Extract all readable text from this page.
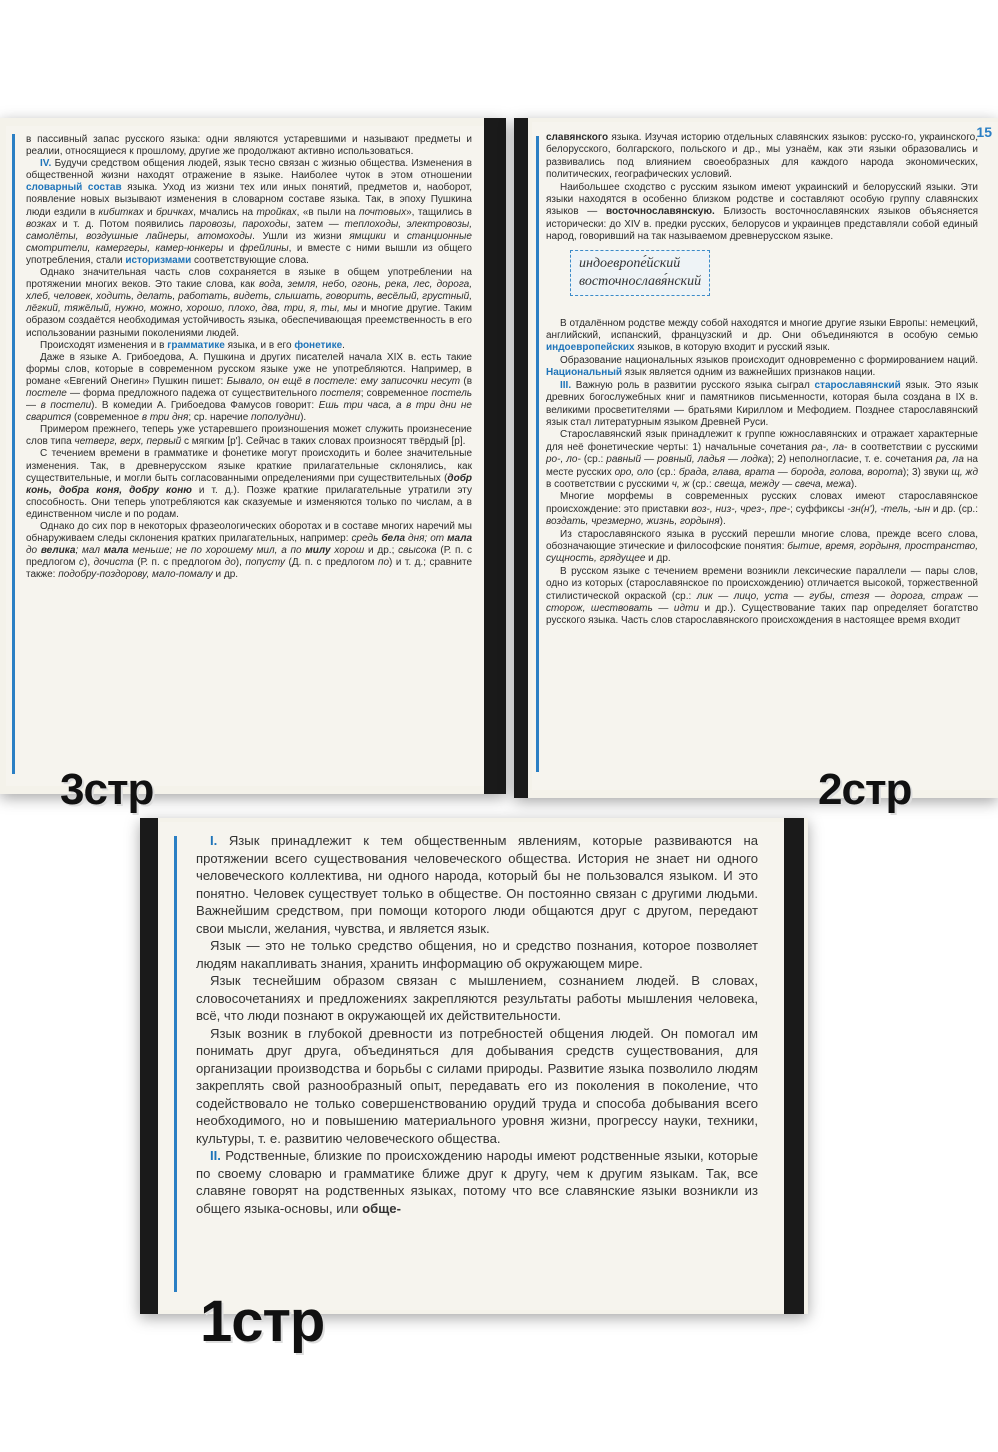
в пассивный запас русского языка: одни являются устаревшими и называют предметы и реалии, относящиеся к прошлому, другие же продолжают активно использоваться.

IV. Будучи средством общения людей, язык тесно связан с жизнью общества. Изменения в общественной жизни находят отражение в языке. Наиболее чуток в этом отношении словарный состав языка. Уход из жизни тех или иных понятий, предметов и, наоборот, появление новых вызывают изменения в словарном составе языка. Так, в эпоху Пушкина люди ездили в кибитках и бричках, мчались на тройках, «в пыли на почтовых», тащились в возках и т. д. Потом появились паровозы, пароходы, затем — теплоходы, электровозы, самолёты, воздушные лайнеры, атомоходы. Ушли из жизни ямщики и станционные смотрители, камергеры, камер-юнкеры и фрейлины, и вместе с ними вышли из общего употребления, стали историзмами соответствующие слова.

Однако значительная часть слов сохраняется в языке в общем употреблении на протяжении многих веков. Это такие слова, как вода, земля, небо, огонь, река, лес, дорога, хлеб, человек, ходить, делать, работать, видеть, слышать, говорить, весёлый, грустный, лёгкий, тяжёлый, нужно, можно, хорошо, плохо, два, три, я, ты, мы и многие другие. Таким образом создаётся необходимая устойчивость языка, обеспечивающая преемственность в его использовании разными поколениями людей.

Происходят изменения и в грамматике языка, и в его фонетике.

Даже в языке А. Грибоедова, А. Пушкина и других писателей начала XIX в. есть такие формы слов, которые в современном русском языке уже не употребляются. Например, в романе «Евгений Онегин» Пушкин пишет: Бывало, он ещё в постеле: ему записочки несут (в постеле — форма предложного падежа от существительного постеля; современное постель — в постели). В комедии А. Грибоедова Фамусов говорит: Ешь три часа, а в три дни не сварится (современное в три дня; ср. наречие пополудни).

Примером прежнего, теперь уже устаревшего произношения может служить произнесение слов типа четверг, верх, первый с мягким [р']. Сейчас в таких словах произносят твёрдый [р].

С течением времени в грамматике и фонетике могут происходить и более значительные изменения. Так, в древнерусском языке краткие прилагательные склонялись, как существительные, и могли быть согласованными определениями при существительных (добр конь, добра коня, добру коню и т. д.). Позже краткие прилагательные утратили эту способность. Они теперь употребляются как сказуемые и изменяются только по числам, а в единственном числе и по родам.

Однако до сих пор в некоторых фразеологических оборотах и в составе многих наречий мы обнаруживаем следы склонения кратких прилагательных, например: средь бела дня; от мала до велика; мал мала меньше; не по хорошему мил, а по милу хорош и др.; свысока (Р. п. с предлогом с), дочиста (Р. п. с предлогом до), попусту (Д. п. с предлогом по) и т. д.; сравните также: подобру-поздорову, мало-помалу и др.

15

славянского языка. Изучая историю отдельных славянских языков: русско-го, украинского, белорусского, болгарского, польского и др., мы узнаём, как эти языки образовались и развивались под влиянием своеобразных для каждого народа экономических, политических, географических условий.

Наибольшее сходство с русским языком имеют украинский и белорусский языки. Эти языки находятся в особенно близком родстве и составляют особую группу славянских языков — восточнославянскую. Близость восточнославянских языков объясняется исторически: до XIV в. предки русских, белорусов и украинцев представляли собой единый народ, говоривший на так называемом древнерусском языке.

индоевропе́йский
восточнославя́нский

В отдалённом родстве между собой находятся и многие другие языки Европы: немецкий, английский, испанский, французский и др. Они объединяются в особую семью индоевропейских языков, в которую входит и русский язык.

Образование национальных языков происходит одновременно с формированием наций. Национальный язык является одним из важнейших признаков нации.

III. Важную роль в развитии русского языка сыграл старославянский язык. Это язык древних богослужебных книг и памятников письменности, которая была создана в IX в. великими просветителями — братьями Кириллом и Мефодием. Позднее старославянский язык стал литературным языком Древней Руси.

Старославянский язык принадлежит к группе южнославянских и отражает характерные для неё фонетические черты: 1) начальные сочетания ра-, ла- в соответствии с русскими ро-, ло- (ср.: равный — ровный, ладья — лодка); 2) неполногласие, т. е. сочетания ра, ла на месте русских оро, оло (ср.: брада, глава, врата — борода, голова, ворота); 3) звуки щ, жд в соответствии с русскими ч, ж (ср.: свеща, между — свеча, межа).

Многие морфемы в современных русских словах имеют старославянское происхождение: это приставки воз-, низ-, чрез-, пре-; суффиксы -зн(н'), -тель, -ын и др. (ср.: воздать, чрезмерно, жизнь, гордыня).

Из старославянского языка в русский перешли многие слова, прежде всего слова, обозначающие этические и философские понятия: бытие, время, гордыня, пространство, сущность, грядущее и др.

В русском языке с течением времени возникли лексические параллели — пары слов, одно из которых (старославянское по происхождению) отличается высокой, торжественной стилистической окраской (ср.: лик — лицо, уста — губы, стезя — дорога, страж — сторож, шествовать — идти и др.). Существование таких пар определяет богатство русского языка. Часть слов старославянского происхождения в настоящее время входит

I. Язык принадлежит к тем общественным явлениям, которые развиваются на протяжении всего существования человеческого общества. История не знает ни одного человеческого коллектива, ни одного народа, который бы не пользовался языком. И это понятно. Человек существует только в обществе. Он постоянно связан с другими людьми. Важнейшим средством, при помощи которого люди общаются друг с другом, передают свои мысли, желания, чувства, и является язык.

Язык — это не только средство общения, но и средство познания, которое позволяет людям накапливать знания, хранить информацию об окружающем мире.

Язык теснейшим образом связан с мышлением, сознанием людей. В словах, словосочетаниях и предложениях закрепляются результаты работы мышления человека, всё, что люди познают в окружающей их действительности.

Язык возник в глубокой древности из потребностей общения людей. Он помогал им понимать друг друга, объединяться для добывания средств существования, для организации производства и борьбы с силами природы. Развитие языка позволило людям закреплять свой разнообразный опыт, передавать его из поколения в поколение, что содействовало не только совершенствованию орудий труда и способа добывания всего необходимого, но и повышению материального уровня жизни, прогрессу науки, техники, культуры, т. е. развитию человеческого общества.

II. Родственные, близкие по происхождению народы имеют родственные языки, которые по своему словарю и грамматике ближе друг к другу, чем к другим языкам. Так, все славяне говорят на родственных языках, потому что все славянские языки возникли из общего языка-основы, или обще-

3стр	2стр
1стр
